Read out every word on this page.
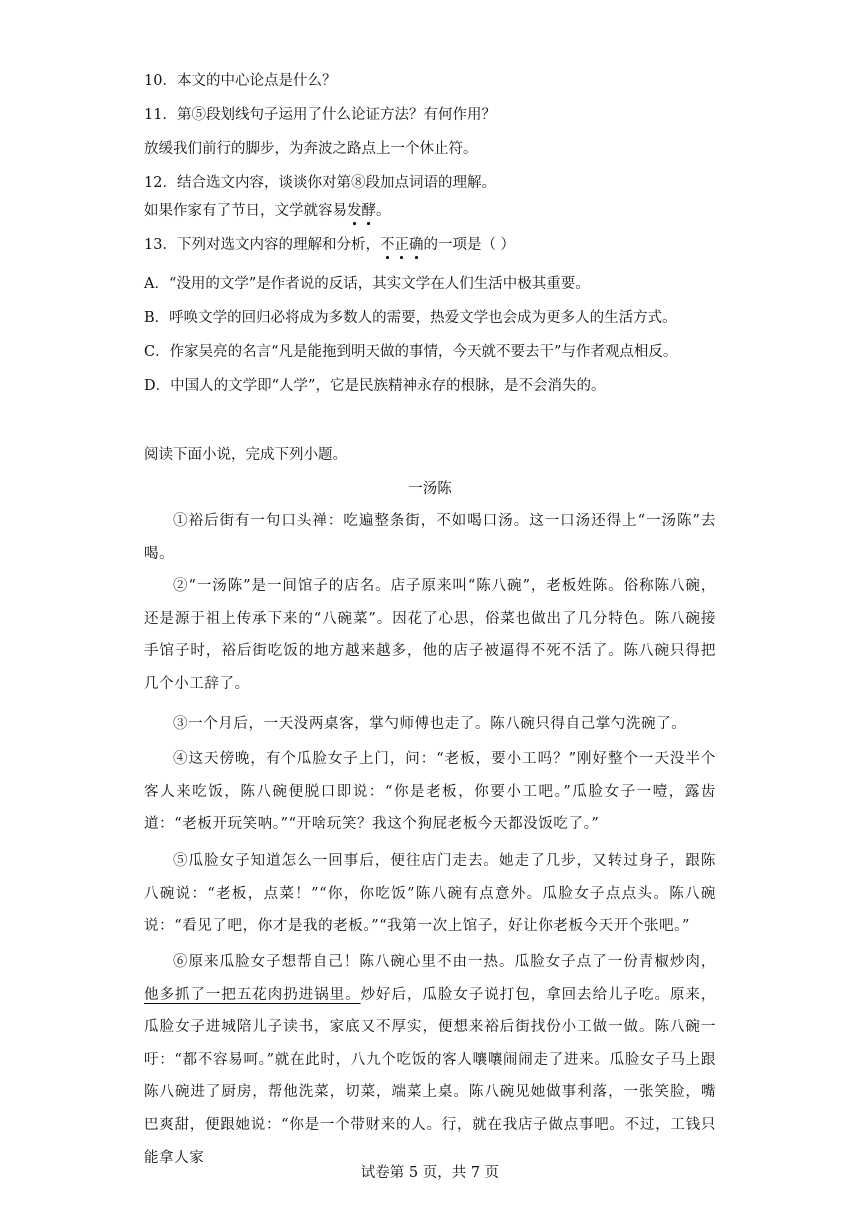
10．本文的中心论点是什么？
11．第⑤段划线句子运用了什么论证方法？有何作用？
放缓我们前行的脚步，为奔波之路点上一个休止符。
12．结合选文内容，谈谈你对第⑧段加点词语的理解。
如果作家有了节日，文学就容易发酵。
13．下列对选文内容的理解和分析，不正确的一项是（ ）
A．“没用的文学”是作者说的反话，其实文学在人们生活中极其重要。
B．呼唤文学的回归必将成为多数人的需要，热爱文学也会成为更多人的生活方式。
C．作家吴亮的名言“凡是能拖到明天做的事情，今天就不要去干”与作者观点相反。
D．中国人的文学即“人学”，它是民族精神永存的根脉，是不会消失的。
阅读下面小说，完成下列小题。
一汤陈
①裕后街有一句口头禅：吃遍整条街，不如喝口汤。这一口汤还得上“一汤陈”去喝。
②“一汤陈”是一间馆子的店名。店子原来叫“陈八碗”，老板姓陈。俗称陈八碗，还是源于祖上传承下来的“八碗菜”。因花了心思，俗菜也做出了几分特色。陈八碗接手馆子时，裕后街吃饭的地方越来越多，他的店子被逼得不死不活了。陈八碗只得把几个小工辞了。
③一个月后，一天没两桌客，掌勺师傅也走了。陈八碗只得自己掌勺洗碗了。
④这天傍晚，有个瓜脸女子上门，问：“老板，要小工吗？”刚好整个一天没半个客人来吃饭，陈八碗便脱口即说：“你是老板，你要小工吧。”瓜脸女子一噎，露齿道：“老板开玩笑呐。”“开啥玩笑？我这个狗屁老板今天都没饭吃了。”
⑤瓜脸女子知道怎么一回事后，便往店门走去。她走了几步，又转过身子，跟陈八碗说：“老板，点菜！”“你，你吃饭”陈八碗有点意外。瓜脸女子点点头。陈八碗说：“看见了吧，你才是我的老板。”“我第一次上馆子，好让你老板今天开个张吧。”
⑥原来瓜脸女子想帮自己！陈八碗心里不由一热。瓜脸女子点了一份青椒炒肉，他多抓了一把五花肉扔进锅里。炒好后，瓜脸女子说打包，拿回去给儿子吃。原来，瓜脸女子进城陪儿子读书，家底又不厚实，便想来裕后街找份小工做一做。陈八碗一吁：“都不容易呵。”就在此时，八九个吃饭的客人嚷嚷闹闹走了进来。瓜脸女子马上跟陈八碗进了厨房，帮他洗菜，切菜，端菜上桌。陈八碗见她做事利落，一张笑脸，嘴巴爽甜，便跟她说：“你是一个带财来的人。行，就在我店子做点事吧。不过，工钱只能拿人家
试卷第 5 页，共 7 页
